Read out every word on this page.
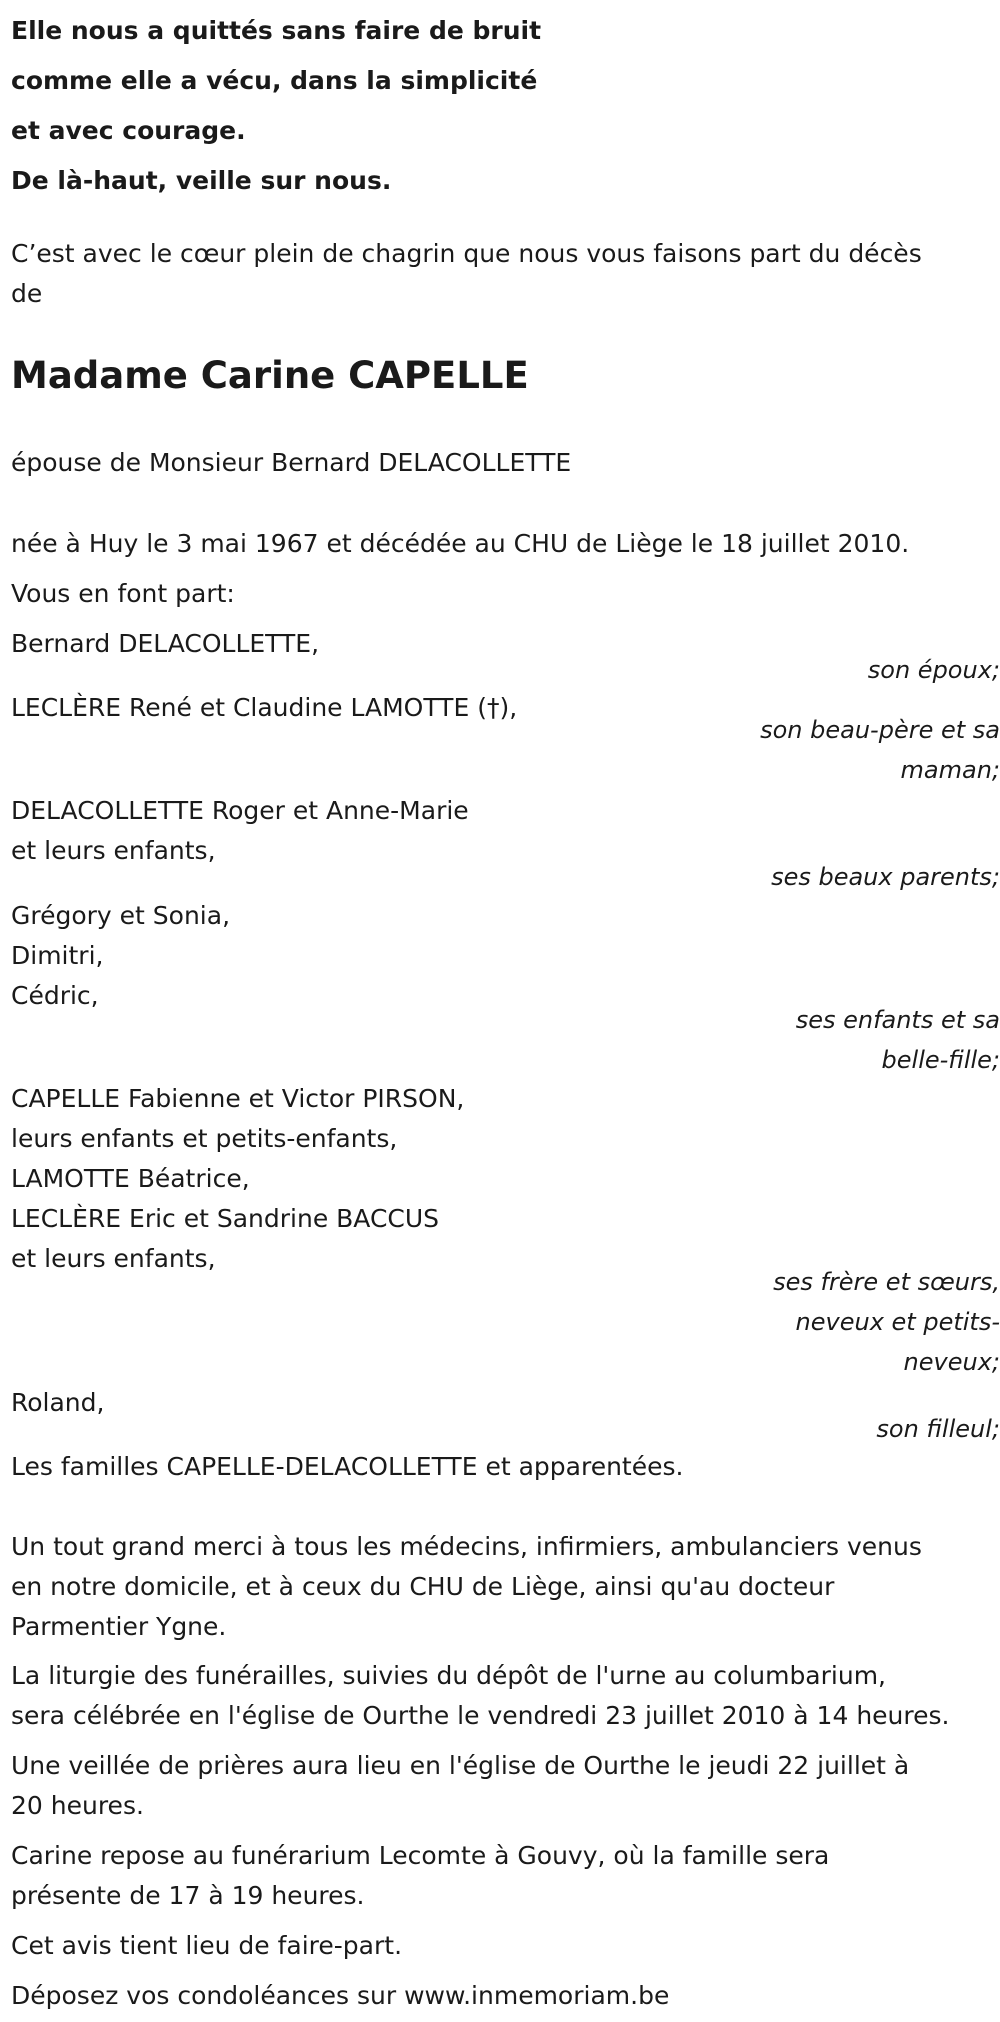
Elle nous a quittés sans faire de bruit
comme elle a vécu, dans la simplicité
et avec courage.
De là-haut, veille sur nous.
C’est avec le cœur plein de chagrin que nous vous faisons part du décès
de
Madame Carine CAPELLE
épouse de Monsieur Bernard DELACOLLETTE
née à Huy le 3 mai 1967 et décédée au CHU de Liège le 18 juillet 2010.
Vous en font part:
Bernard DELACOLLETTE,
son époux;
LECLÈRE René et Claudine LAMOTTE (†),
son beau-père et sa
maman;
DELACOLLETTE Roger et Anne-Marie
et leurs enfants,
ses beaux parents;
Grégory et Sonia,
Dimitri,
Cédric,
ses enfants et sa
belle-fille;
CAPELLE Fabienne et Victor PIRSON,
leurs enfants et petits-enfants,
LAMOTTE Béatrice,
LECLÈRE Eric et Sandrine BACCUS
et leurs enfants,
ses frère et sœurs,
neveux et petits-
neveux;
Roland,
son filleul;
Les familles CAPELLE-DELACOLLETTE et apparentées.
Un tout grand merci à tous les médecins, infirmiers, ambulanciers venus
en notre domicile, et à ceux du CHU de Liège, ainsi qu'au docteur
Parmentier Ygne.
La liturgie des funérailles, suivies du dépôt de l'urne au columbarium,
sera célébrée en l'église de Ourthe le vendredi 23 juillet 2010 à 14 heures.
Une veillée de prières aura lieu en l'église de Ourthe le jeudi 22 juillet à
20 heures.
Carine repose au funérarium Lecomte à Gouvy, où la famille sera
présente de 17 à 19 heures.
Cet avis tient lieu de faire-part.
Déposez vos condoléances sur www.inmemoriam.be
